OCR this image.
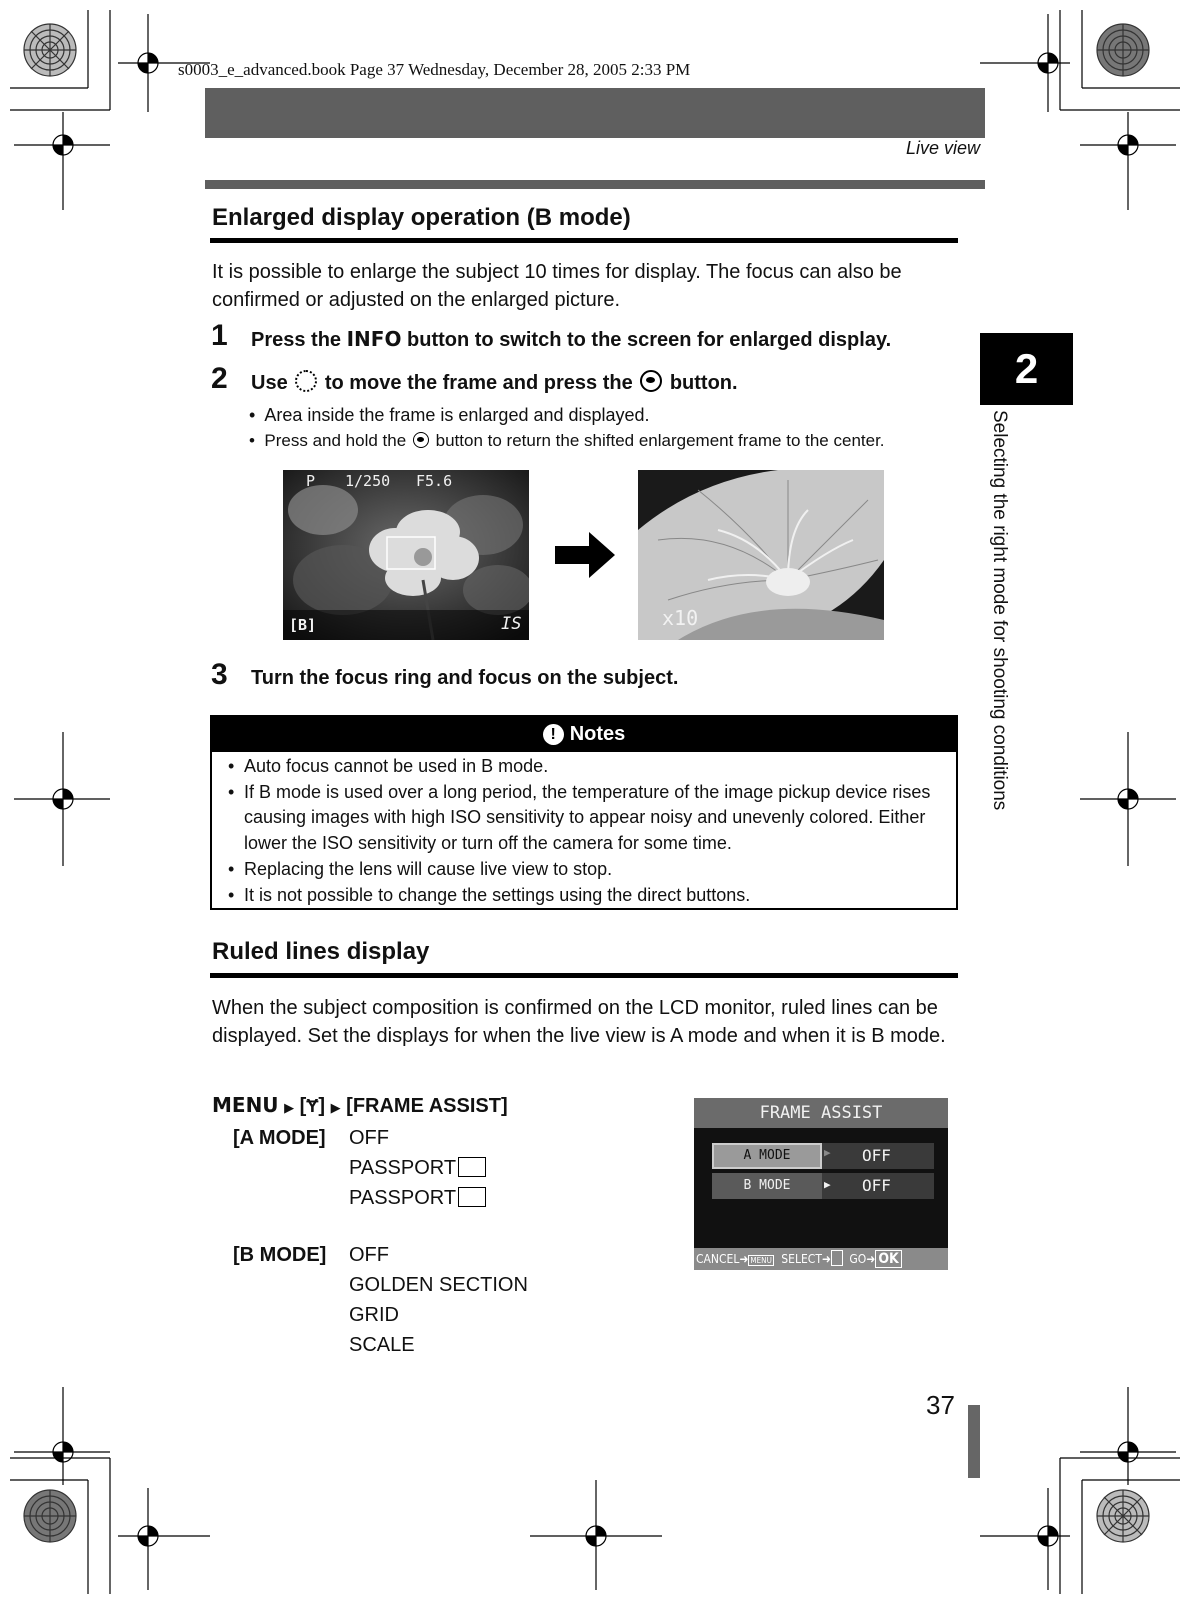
s0003_e_advanced.book Page 37 Wednesday, December 28, 2005 2:33 PM
Live view
2
Selecting the right mode for shooting conditions
Enlarged display operation (B mode)
It is possible to enlarge the subject 10 times for display. The focus can also be confirmed or adjusted on the enlarged picture.
1 Press the INFO button to switch to the screen for enlarged display.
2 Use to move the frame and press the button.
•  Area inside the frame is enlarged and displayed.
•  Press and hold the button to return the shifted enlargement frame to the center.
P 1/250 F5.6
[B]	IS	x10
3 Turn the focus ring and focus on the subject.
! Notes
• Auto focus cannot be used in B mode.
• If B mode is used over a long period, the temperature of the image pickup device rises causing images with high ISO sensitivity to appear noisy and unevenly colored. Either lower the ISO sensitivity or turn off the camera for some time.
• Replacing the lens will cause live view to stop.
• It is not possible to change the settings using the direct buttons.
Ruled lines display
When the subject composition is confirmed on the LCD monitor, ruled lines can be displayed. Set the displays for when the live view is A mode and when it is B mode.
MENU ▶ [Ɏ] ▶ [FRAME ASSIST]
[A MODE] OFF
PASSPORT
PASSPORT
[B MODE] OFF
GOLDEN SECTION
GRID
SCALE
FRAME ASSIST
A MODE	▶ OFF
B MODE	▶ OFF
CANCEL➜ MENU SELECT➜ GO➜ OK
37
